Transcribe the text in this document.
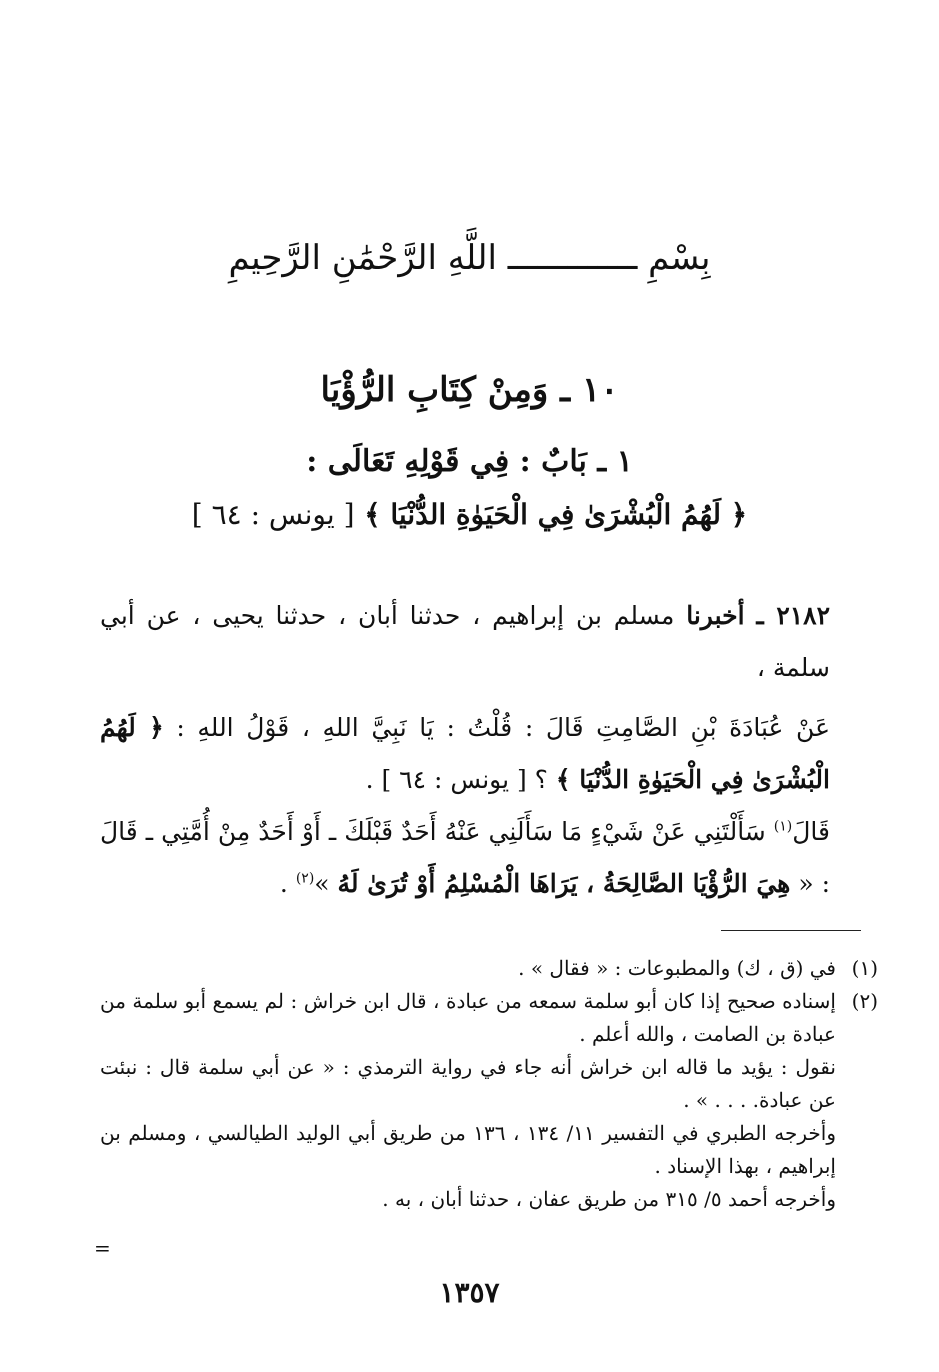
بِسْمِ ـــــــــــــ اللَّهِ الرَّحْمَٰنِ الرَّحِيمِ
١٠ ـ وَمِنْ كِتَابِ الرُّؤْيَا
١ ـ بَابٌ : فِي قَوْلِهِ تَعَالَى :
﴿ لَهُمُ الْبُشْرَىٰ فِي الْحَيَوٰةِ الدُّنْيَا ﴾ [ يونس : ٦٤ ]
٢١٨٢ ـ أخبرنا مسلم بن إبراهيم ، حدثنا أبان ، حدثنا يحيى ، عن أبي سلمة ،
عَنْ عُبَادَةَ بْنِ الصَّامِتِ قَالَ : قُلْتُ : يَا نَبِيَّ اللهِ ، قَوْلُ اللهِ : ﴿ لَهُمُ الْبُشْرَىٰ فِي الْحَيَوٰةِ الدُّنْيَا ﴾ ؟ [ يونس : ٦٤ ] .
قَالَ$^{(١)}$ سَأَلْتَنِي عَنْ شَيْءٍ مَا سَأَلَنِي عَنْهُ أَحَدٌ قَبْلَكَ ـ أَوْ أَحَدٌ مِنْ أُمَّتِي ـ قَالَ : « هِيَ الرُّؤْيَا الصَّالِحَةُ ، يَرَاهَا الْمُسْلِمُ أَوْ تُرَىٰ لَهُ »$^{(٢)}$ .
(١)
في (ق ، ك) والمطبوعات : « فقال » .
(٢)
إسناده صحيح إذا كان أبو سلمة سمعه من عبادة ، قال ابن خراش : لم يسمع أبو سلمة من عبادة بن الصامت ، والله أعلم .
نقول : يؤيد ما قاله ابن خراش أنه جاء في رواية الترمذي : « عن أبي سلمة قال : نبئت عن عبادة. . . . » .
وأخرجه الطبري في التفسير ١١/ ١٣٤ ، ١٣٦ من طريق أبي الوليد الطيالسي ، ومسلم بن إبراهيم ، بهذا الإسناد .
وأخرجه أحمد ٥/ ٣١٥ من طريق عفان ، حدثنا أبان ، به .
=
١٣٥٧
